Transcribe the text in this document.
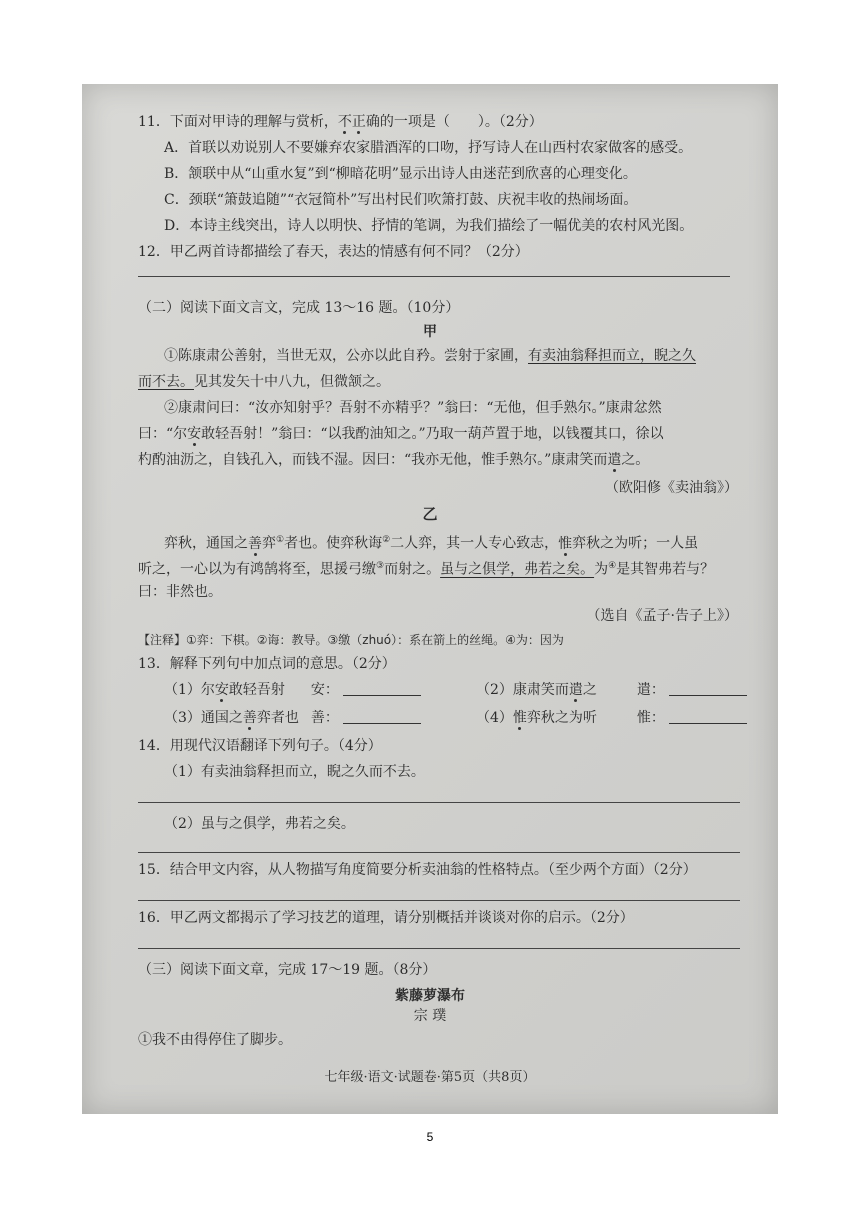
11．下面对甲诗的理解与赏析，不正确的一项是（　　）。（2分）
A．首联以劝说别人不要嫌弃农家腊酒浑的口吻，抒写诗人在山西村农家做客的感受。
B．颔联中从“山重水复”到“柳暗花明”显示出诗人由迷茫到欣喜的心理变化。
C．颈联“箫鼓追随”“衣冠简朴”写出村民们吹箫打鼓、庆祝丰收的热闹场面。
D．本诗主线突出，诗人以明快、抒情的笔调，为我们描绘了一幅优美的农村风光图。
12．甲乙两首诗都描绘了春天，表达的情感有何不同？（2分）
（二）阅读下面文言文，完成 13～16 题。（10分）
甲
①陈康肃公善射，当世无双，公亦以此自矜。尝射于家圃，有卖油翁释担而立，睨之久
而不去。见其发矢十中八九，但微颔之。
②康肃问曰：“汝亦知射乎？吾射不亦精乎？”翁曰：“无他，但手熟尔。”康肃忿然
曰：“尔安敢轻吾射！”翁曰：“以我酌油知之。”乃取一葫芦置于地，以钱覆其口，徐以
杓酌油沥之，自钱孔入，而钱不湿。因曰：“我亦无他，惟手熟尔。”康肃笑而遣之。
（欧阳修《卖油翁》）
乙
弈秋，通国之善弈①者也。使弈秋诲②二人弈，其一人专心致志，惟弈秋之为听；一人虽
听之，一心以为有鸿鹄将至，思援弓缴③而射之。虽与之俱学，弗若之矣。为④是其智弗若与？
曰：非然也。
（选自《孟子·告子上》）
【注释】①弈：下棋。②诲：教导。③缴（zhuó）：系在箭上的丝绳。④为：因为
13．解释下列句中加点词的意思。（2分）
（1）尔安敢轻吾射 安：	（2）康肃笑而遣之	遣：
（3）通国之善弈者也 善：	（4）惟弈秋之为听	惟：
14．用现代汉语翻译下列句子。（4分）
（1）有卖油翁释担而立，睨之久而不去。
（2）虽与之俱学，弗若之矣。
15．结合甲文内容，从人物描写角度简要分析卖油翁的性格特点。（至少两个方面）（2分）
16．甲乙两文都揭示了学习技艺的道理，请分别概括并谈谈对你的启示。（2分）
（三）阅读下面文章，完成 17～19 题。（8分）
紫藤萝瀑布
宗 璞
①我不由得停住了脚步。
七年级·语文·试题卷·第5页（共8页）
5
